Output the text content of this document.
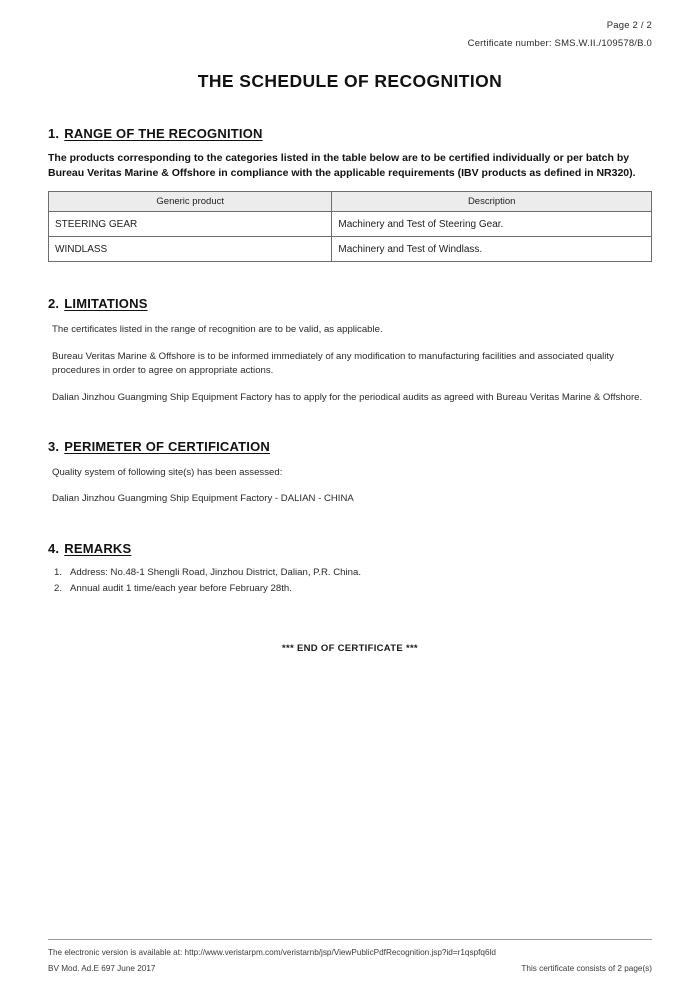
Page 2 / 2
Certificate number: SMS.W.II./109578/B.0
THE SCHEDULE OF RECOGNITION
1. RANGE OF THE RECOGNITION
The products corresponding to the categories listed in the table below are to be certified individually or per batch by Bureau Veritas Marine & Offshore in compliance with the applicable requirements (IBV products as defined in NR320).
Generic product	Description
STEERING GEAR	Machinery and Test of Steering Gear.
WINDLASS	Machinery and Test of Windlass.
2. LIMITATIONS
The certificates listed in the range of recognition are to be valid, as applicable.
Bureau Veritas Marine & Offshore is to be informed immediately of any modification to manufacturing facilities and associated quality procedures in order to agree on appropriate actions.
Dalian Jinzhou Guangming Ship Equipment Factory has to apply for the periodical audits as agreed with Bureau Veritas Marine & Offshore.
3. PERIMETER OF CERTIFICATION
Quality system of following site(s) has been assessed:
Dalian Jinzhou Guangming Ship Equipment Factory - DALIAN - CHINA
4. REMARKS
1. Address: No.48-1 Shengli Road, Jinzhou District, Dalian, P.R. China.
2. Annual audit 1 time/each year before February 28th.
*** END OF CERTIFICATE ***
The electronic version is available at: http://www.veristarpm.com/veristarnb/jsp/ViewPublicPdfRecognition.jsp?id=r1qspfq6ld
BV Mod. Ad.E 697 June 2017	This certificate consists of 2 page(s)
